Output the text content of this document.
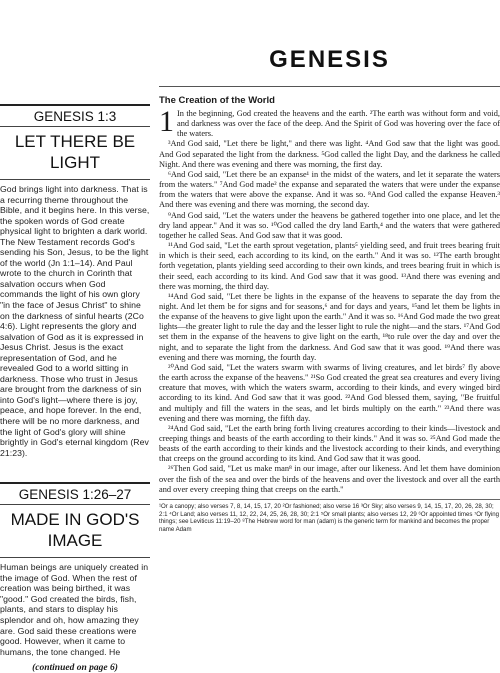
GENESIS
GENESIS 1:3
LET THERE BE LIGHT
God brings light into darkness. That is a recurring theme throughout the Bible, and it begins here. In this verse, the spoken words of God create physical light to brighten a dark world. The New Testament records God's sending his Son, Jesus, to be the light of the world (Jn 1:1–14). And Paul wrote to the church in Corinth that salvation occurs when God commands the light of his own glory "in the face of Jesus Christ" to shine on the darkness of sinful hearts (2Co 4:6). Light represents the glory and salvation of God as it is expressed in Jesus Christ. Jesus is the exact representation of God, and he revealed God to a world sitting in darkness. Those who trust in Jesus are brought from the darkness of sin into God's light—where there is joy, peace, and hope forever. In the end, there will be no more darkness, and the light of God's glory will shine brightly in God's eternal kingdom (Rev 21:23).
GENESIS 1:26–27
MADE IN GOD'S IMAGE
Human beings are uniquely created in the image of God. When the rest of creation was being birthed, it was "good." God created the birds, fish, plants, and stars to display his splendor and oh, how amazing they are. God said these creations were good. However, when it came to humans, the tone changed. He
(continued on page 6)
The Creation of the World

1 In the beginning, God created the heavens and the earth. ²The earth was without form and void, and darkness was over the face of the deep. And the Spirit of God was hovering over the face of the waters.

³And God said, "Let there be light," and there was light. ⁴And God saw that the light was good. And God separated the light from the darkness. ⁵God called the light Day, and the darkness he called Night. And there was evening and there was morning, the first day.

⁶And God said, "Let there be an expanse¹ in the midst of the waters, and let it separate the waters from the waters." ⁷And God made² the expanse and separated the waters that were under the expanse from the waters that were above the expanse. And it was so. ⁸And God called the expanse Heaven.³ And there was evening and there was morning, the second day.

⁹And God said, "Let the waters under the heavens be gathered together into one place, and let the dry land appear." And it was so. ¹⁰God called the dry land Earth,⁴ and the waters that were gathered together he called Seas. And God saw that it was good.

¹¹And God said, "Let the earth sprout vegetation, plants⁵ yielding seed, and fruit trees bearing fruit in which is their seed, each according to its kind, on the earth." And it was so. ¹²The earth brought forth vegetation, plants yielding seed according to their own kinds, and trees bearing fruit in which is their seed, each according to its kind. And God saw that it was good. ¹³And there was evening and there was morning, the third day.

¹⁴And God said, "Let there be lights in the expanse of the heavens to separate the day from the night. And let them be for signs and for seasons,⁶ and for days and years, ¹⁵and let them be lights in the expanse of the heavens to give light upon the earth." And it was so. ¹⁶And God made the two great lights—the greater light to rule the day and the lesser light to rule the night—and the stars. ¹⁷And God set them in the expanse of the heavens to give light on the earth, ¹⁸to rule over the day and over the night, and to separate the light from the darkness. And God saw that it was good. ¹⁹And there was evening and there was morning, the fourth day.

²⁰And God said, "Let the waters swarm with swarms of living creatures, and let birds⁷ fly above the earth across the expanse of the heavens." ²¹So God created the great sea creatures and every living creature that moves, with which the waters swarm, according to their kinds, and every winged bird according to its kind. And God saw that it was good. ²²And God blessed them, saying, "Be fruitful and multiply and fill the waters in the seas, and let birds multiply on the earth." ²³And there was evening and there was morning, the fifth day.

²⁴And God said, "Let the earth bring forth living creatures according to their kinds—livestock and creeping things and beasts of the earth according to their kinds." And it was so. ²⁵And God made the beasts of the earth according to their kinds and the livestock according to their kinds, and everything that creeps on the ground according to its kind. And God saw that it was good.

²⁶Then God said, "Let us make man⁸ in our image, after our likeness. And let them have dominion over the fish of the sea and over the birds of the heavens and over the livestock and over all the earth and over every creeping thing that creeps on the earth."

¹Or a canopy; also verses 7, 8, 14, 15, 17, 20 ²Or fashioned; also verse 16 ³Or Sky; also verses 9, 14, 15, 17, 20, 26, 28, 30; 2:1 ⁴Or Land; also verses 11, 12, 22, 24, 25, 26, 28, 30; 2:1 ⁵Or small plants; also verses 12, 29 ⁶Or appointed times ⁷Or flying things; see Leviticus 11:19–20 ⁸The Hebrew word for man (adam) is the generic term for mankind and becomes the proper name Adam
